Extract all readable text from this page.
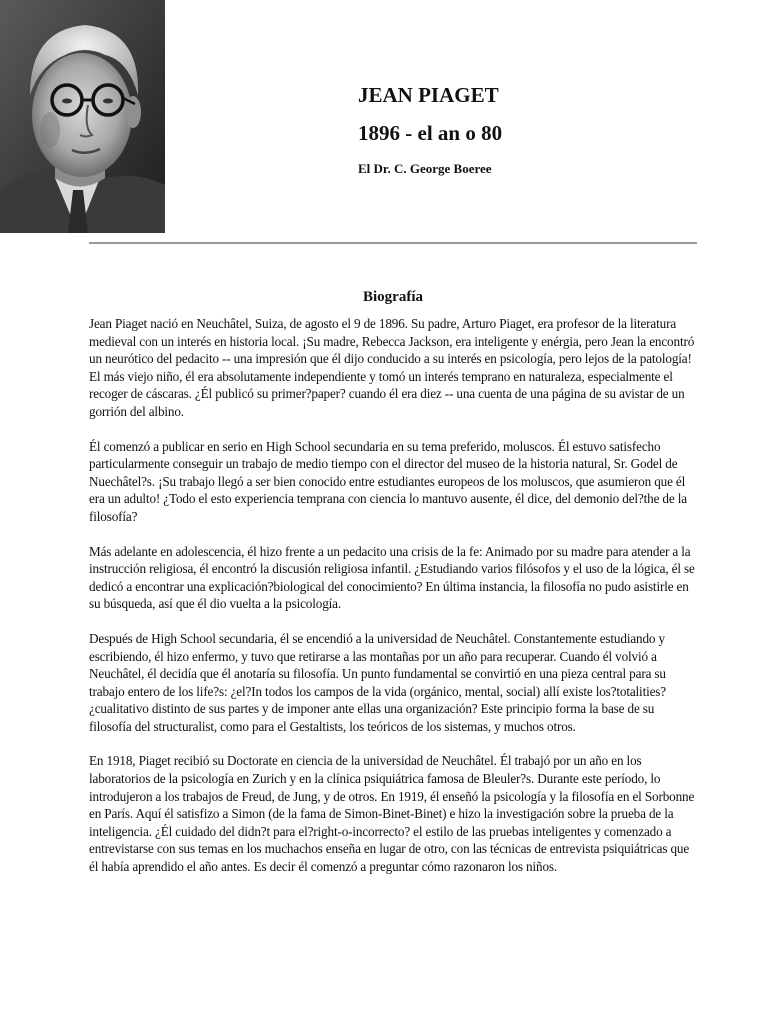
JEAN PIAGET
1896 - el an o 80

El Dr. C. George Boeree

Biografía

Jean Piaget nació en Neuchâtel, Suiza, de agosto el 9 de 1896. Su padre, Arturo Piaget, era profesor de la literatura medieval con un interés en historia local. ¡Su madre, Rebecca Jackson, era inteligente y enérgia, pero Jean la encontró un neurótico del pedacito -- una impresión que él dijo conducido a su interés en psicología, pero lejos de la patología! El más viejo niño, él era absolutamente independiente y tomó un interés temprano en naturaleza, especialmente el recoger de cáscaras. ¿Él publicó su primer?paper? cuando él era diez -- una cuenta de una página de su avistar de un gorrión del albino.

Él comenzó a publicar en serio en High School secundaria en su tema preferido, moluscos. Él estuvo satisfecho particularmente conseguir un trabajo de medio tiempo con el director del museo de la historia natural, Sr. Godel de Nuechâtel?s. ¡Su trabajo llegó a ser bien conocido entre estudiantes europeos de los moluscos, que asumieron que él era un adulto! ¿Todo el esto experiencia temprana con ciencia lo mantuvo ausente, él dice, del demonio del?the de la filosofía?

Más adelante en adolescencia, él hizo frente a un pedacito una crisis de la fe: Animado por su madre para atender a la instrucción religiosa, él encontró la discusión religiosa infantil. ¿Estudiando varios filósofos y el uso de la lógica, él se dedicó a encontrar una explicación?biological del conocimiento? En última instancia, la filosofía no pudo asistirle en su búsqueda, así que él dio vuelta a la psicología.

Después de High School secundaria, él se encendió a la universidad de Neuchâtel. Constantemente estudiando y escribiendo, él hizo enfermo, y tuvo que retirarse a las montañas por un año para recuperar. Cuando él volvió a Neuchâtel, él decidía que él anotaría su filosofía. Un punto fundamental se convirtió en una pieza central para su trabajo entero de los life?s: ¿el?In todos los campos de la vida (orgánico, mental, social) allí existe los?totalities? ¿cualitativo distinto de sus partes y de imponer ante ellas una organización? Este principio forma la base de su filosofía del structuralist, como para el Gestaltists, los teóricos de los sistemas, y muchos otros.

En 1918, Piaget recibió su Doctorate en ciencia de la universidad de Neuchâtel. Él trabajó por un año en los laboratorios de la psicología en Zurich y en la clínica psiquiátrica famosa de Bleuler?s. Durante este período, lo introdujeron a los trabajos de Freud, de Jung, y de otros. En 1919, él enseñó la psicología y la filosofía en el Sorbonne en París. Aquí él satisfizo a Simon (de la fama de Simon-Binet-Binet) e hizo la investigación sobre la prueba de la inteligencia. ¿Él cuidado del didn?t para el?right-o-incorrecto? el estilo de las pruebas inteligentes y comenzado a entrevistarse con sus temas en los muchachos enseña en lugar de otro, con las técnicas de entrevista psiquiátricas que él había aprendido el año antes. Es decir él comenzó a preguntar cómo razonaron los niños.
